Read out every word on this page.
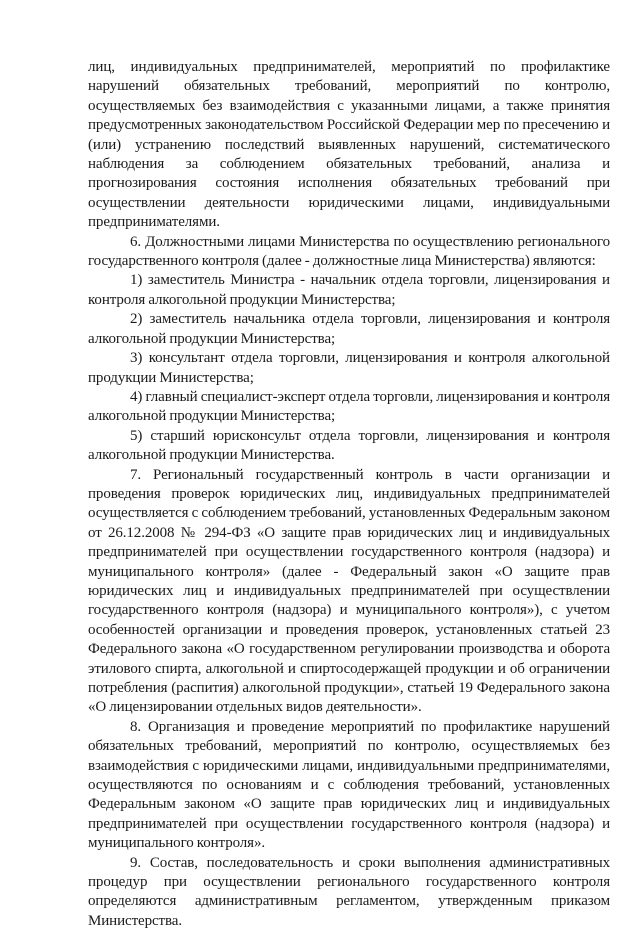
лиц, индивидуальных предпринимателей, мероприятий по профилактике нарушений обязательных требований, мероприятий по контролю, осуществляемых без взаимодействия с указанными лицами, а также принятия предусмотренных законодательством Российской Федерации мер по пресечению и (или) устранению последствий выявленных нарушений, систематического наблюдения за соблюдением обязательных требований, анализа и прогнозирования состояния исполнения обязательных требований при осуществлении деятельности юридическими лицами, индивидуальными предпринимателями.

6. Должностными лицами Министерства по осуществлению регионального государственного контроля (далее - должностные лица Министерства) являются:

1) заместитель Министра - начальник отдела торговли, лицензирования и контроля алкогольной продукции Министерства;

2) заместитель начальника отдела торговли, лицензирования и контроля алкогольной продукции Министерства;

3) консультант отдела торговли, лицензирования и контроля алкогольной продукции Министерства;

4) главный специалист-эксперт отдела торговли, лицензирования и контроля алкогольной продукции Министерства;

5) старший юрисконсульт отдела торговли, лицензирования и контроля алкогольной продукции Министерства.

7. Региональный государственный контроль в части организации и проведения проверок юридических лиц, индивидуальных предпринимателей осуществляется с соблюдением требований, установленных Федеральным законом от 26.12.2008 № 294-ФЗ «О защите прав юридических лиц и индивидуальных предпринимателей при осуществлении государственного контроля (надзора) и муниципального контроля» (далее - Федеральный закон «О защите прав юридических лиц и индивидуальных предпринимателей при осуществлении государственного контроля (надзора) и муниципального контроля»), с учетом особенностей организации и проведения проверок, установленных статьей 23 Федерального закона «О государственном регулировании производства и оборота этилового спирта, алкогольной и спиртосодержащей продукции и об ограничении потребления (распития) алкогольной продукции», статьей 19 Федерального закона «О лицензировании отдельных видов деятельности».

8. Организация и проведение мероприятий по профилактике нарушений обязательных требований, мероприятий по контролю, осуществляемых без взаимодействия с юридическими лицами, индивидуальными предпринимателями, осуществляются по основаниям и с соблюдения требований, установленных Федеральным законом «О защите прав юридических лиц и индивидуальных предпринимателей при осуществлении государственного контроля (надзора) и муниципального контроля».

9. Состав, последовательность и сроки выполнения административных процедур при осуществлении регионального государственного контроля определяются административным регламентом, утвержденным приказом Министерства.
